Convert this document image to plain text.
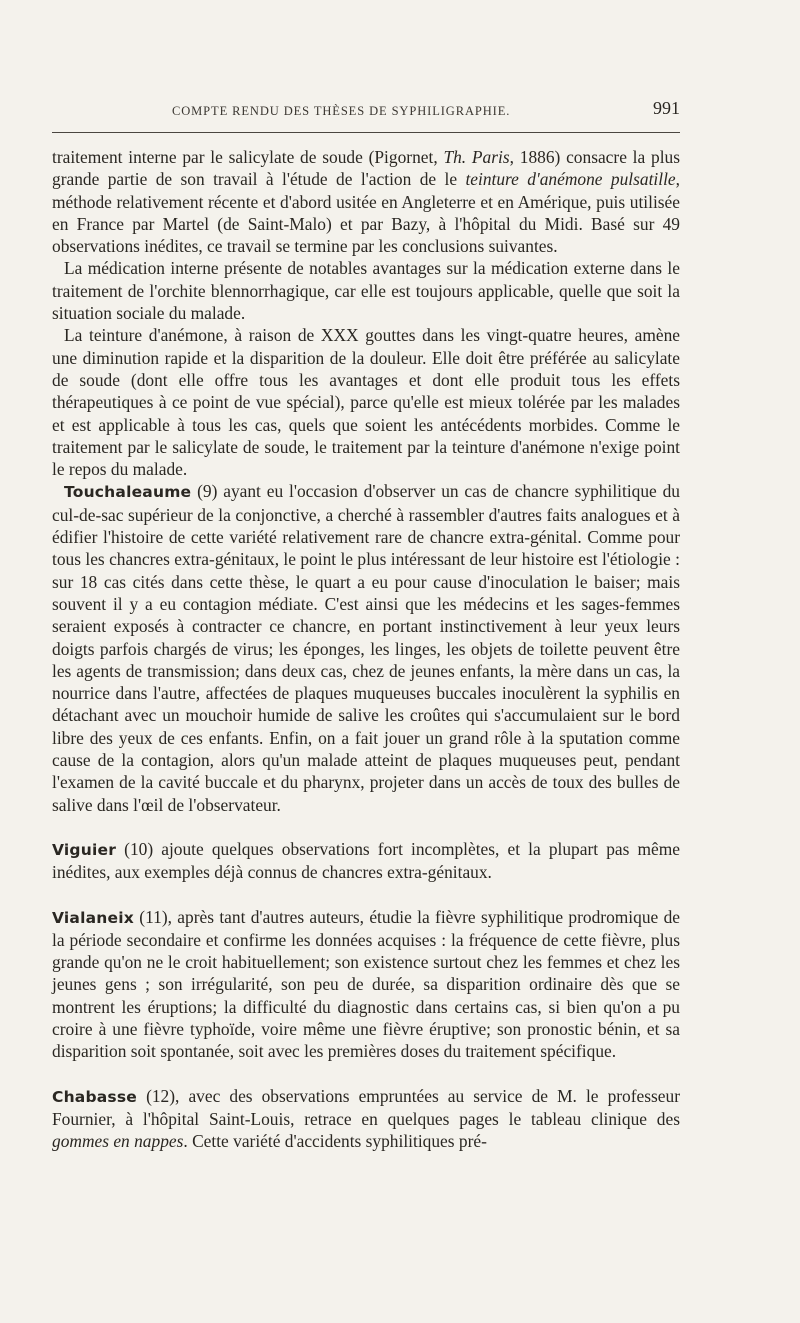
COMPTE RENDU DES THÈSES DE SYPHILIGRAPHIE.	991

traitement interne par le salicylate de soude (Pigornet, Th. Paris, 1886) consacre la plus grande partie de son travail à l'étude de l'action de le teinture d'anémone pulsatille, méthode relativement récente et d'abord usitée en Angleterre et en Amérique, puis utilisée en France par Martel (de Saint-Malo) et par Bazy, à l'hôpital du Midi. Basé sur 49 observations inédites, ce travail se termine par les conclusions suivantes.

La médication interne présente de notables avantages sur la médication externe dans le traitement de l'orchite blennorrhagique, car elle est toujours applicable, quelle que soit la situation sociale du malade.

La teinture d'anémone, à raison de XXX gouttes dans les vingt-quatre heures, amène une diminution rapide et la disparition de la douleur. Elle doit être préférée au salicylate de soude (dont elle offre tous les avantages et dont elle produit tous les effets thérapeutiques à ce point de vue spécial), parce qu'elle est mieux tolérée par les malades et est applicable à tous les cas, quels que soient les antécédents morbides. Comme le traitement par le salicylate de soude, le traitement par la teinture d'anémone n'exige point le repos du malade.

Touchaleaume (9) ayant eu l'occasion d'observer un cas de chancre syphilitique du cul-de-sac supérieur de la conjonctive, a cherché à rassembler d'autres faits analogues et à édifier l'histoire de cette variété relativement rare de chancre extra-génital. Comme pour tous les chancres extra-génitaux, le point le plus intéressant de leur histoire est l'étiologie : sur 18 cas cités dans cette thèse, le quart a eu pour cause d'inoculation le baiser; mais souvent il y a eu contagion médiate. C'est ainsi que les médecins et les sages-femmes seraient exposés à contracter ce chancre, en portant instinctivement à leur yeux leurs doigts parfois chargés de virus; les éponges, les linges, les objets de toilette peuvent être les agents de transmission; dans deux cas, chez de jeunes enfants, la mère dans un cas, la nourrice dans l'autre, affectées de plaques muqueuses buccales inoculèrent la syphilis en détachant avec un mouchoir humide de salive les croûtes qui s'accumulaient sur le bord libre des yeux de ces enfants. Enfin, on a fait jouer un grand rôle à la sputation comme cause de la contagion, alors qu'un malade atteint de plaques muqueuses peut, pendant l'examen de la cavité buccale et du pharynx, projeter dans un accès de toux des bulles de salive dans l'œil de l'observateur.

Viguier (10) ajoute quelques observations fort incomplètes, et la plupart pas même inédites, aux exemples déjà connus de chancres extra-génitaux.

Vialaneix (11), après tant d'autres auteurs, étudie la fièvre syphilitique prodromique de la période secondaire et confirme les données acquises : la fréquence de cette fièvre, plus grande qu'on ne le croit habituellement; son existence surtout chez les femmes et chez les jeunes gens ; son irrégularité, son peu de durée, sa disparition ordinaire dès que se montrent les éruptions; la difficulté du diagnostic dans certains cas, si bien qu'on a pu croire à une fièvre typhoïde, voire même une fièvre éruptive; son pronostic bénin, et sa disparition soit spontanée, soit avec les premières doses du traitement spécifique.

Chabasse (12), avec des observations empruntées au service de M. le professeur Fournier, à l'hôpital Saint-Louis, retrace en quelques pages le tableau clinique des gommes en nappes. Cette variété d'accidents syphilitiques pré-
